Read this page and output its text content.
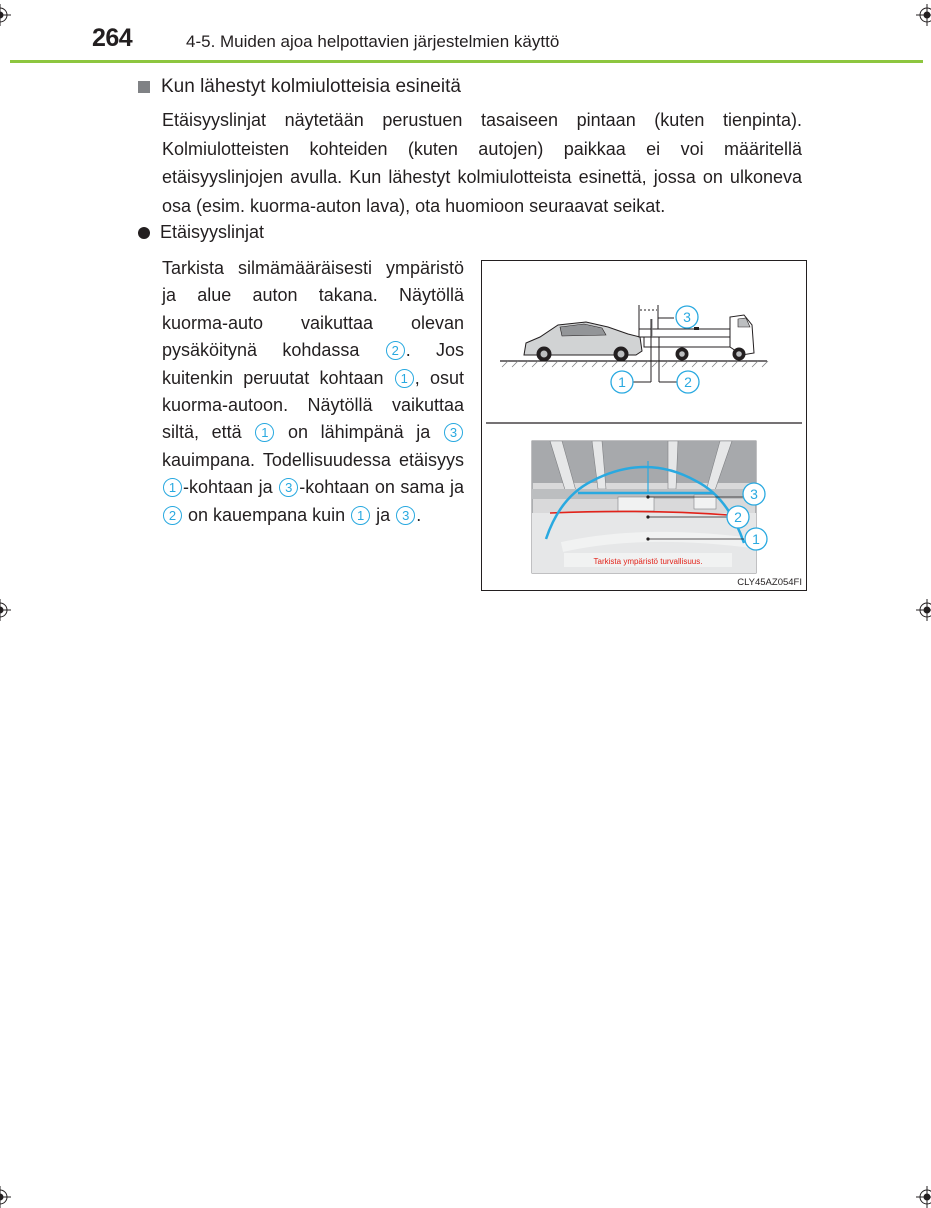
264	4-5. Muiden ajoa helpottavien järjestelmien käyttö
Kun lähestyt kolmiulotteisia esineitä
Etäisyyslinjat näytetään perustuen tasaiseen pintaan (kuten tienpinta). Kolmiulotteisten kohteiden (kuten autojen) paikkaa ei voi määritellä etäisyyslinjojen avulla. Kun lähestyt kolmiulotteista esinettä, jossa on ulkoneva osa (esim. kuorma-auton lava), ota huomioon seuraavat seikat.
Etäisyyslinjat
Tarkista silmämääräisesti ympäristö ja alue auton takana. Näytöllä kuorma-auto vaikuttaa olevan pysäköitynä kohdassa 2 . Jos kuitenkin peruutat kohtaan 1 , osut kuorma-autoon. Näytöllä vaikuttaa siltä, että 1 on lähimpänä ja 3 kauimpana. Todellisuudessa etäisyys 1 -kohtaan ja 3 -kohtaan on sama ja 2 on kauempana kuin 1 ja 3 .
3
1	2
Tarkista ympäristö turvallisuus.
3
2
1
CLY45AZ054FI
